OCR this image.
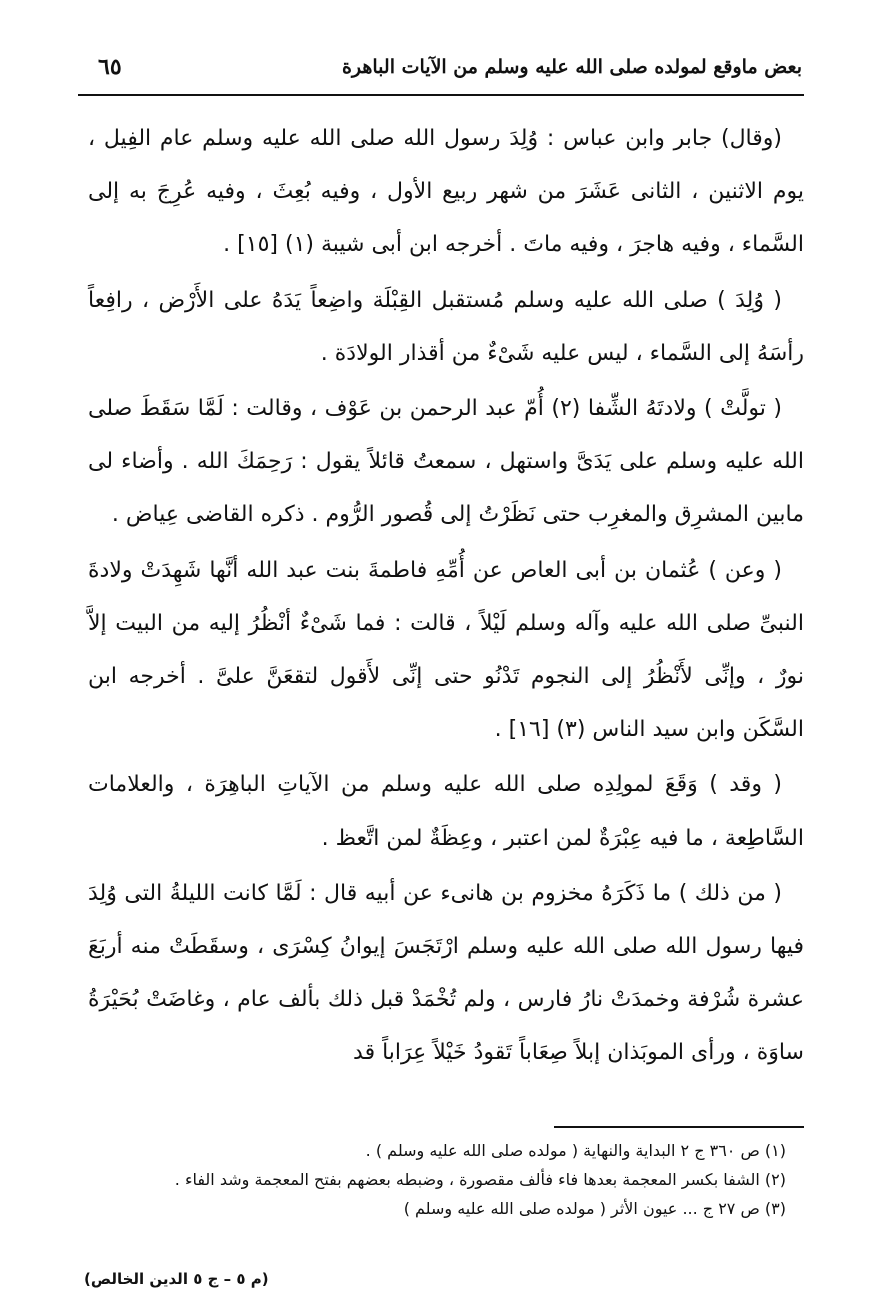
بعض ماوقع لمولده صلى الله عليه وسلم من الآيات الباهرة
٦٥

(وقال) جابر وابن عباس : وُلِدَ رسول الله صلى الله عليه وسلم عام الفِيل ، يوم الاثنين ، الثانى عَشَرَ من شهر ربيع الأول ، وفيه بُعِثَ ، وفيه عُرِجَ به إلى السَّماء ، وفيه هاجرَ ، وفيه ماتَ . أخرجه ابن أبى شيبة (١) [١٥] .

( وُلِدَ ) صلى الله عليه وسلم مُستقبل القِبْلَة واضِعاً يَدَهُ على الأَرْض ، رافِعاً رأسَهُ إلى السَّماء ، ليس عليه شَىْءٌ من أقذار الولادَة .

( تولَّتْ ) ولادتَهُ الشِّفا (٢) أُمّ عبد الرحمن بن عَوْف ، وقالت : لَمَّا سَقَطَ صلى الله عليه وسلم على يَدَىَّ واستهل ، سمعتُ قائلاً يقول : رَحِمَكَ الله . وأضاء لى مابين المشرِق والمغرِب حتى نَظَرْتُ إلى قُصور الرُّوم . ذكره القاضى عِياض .

( وعن ) عُثمان بن أبى العاص عن أُمِّهِ فاطمةَ بنت عبد الله أنَّها شَهِدَتْ ولادةَ النبىِّ صلى الله عليه وآله وسلم لَيْلاً ، قالت : فما شَىْءٌ أنْظُرُ إليه من البيت إلاَّ نورٌ ، وإنِّى لأَنْظُرُ إلى النجوم تَدْنُو حتى إنِّى لأَقول لتقعَنَّ علىَّ . أخرجه ابن السَّكَن وابن سيد الناس (٣) [١٦] .

( وقد ) وَقَعَ لمولِدِه صلى الله عليه وسلم من الآياتِ الباهِرَة ، والعلامات السَّاطِعة ، ما فيه عِبْرَةٌ لمن اعتبر ، وعِظَةٌ لمن اتَّعظ .

( من ذلك ) ما ذَكَرَهُ مخزوم بن هانىء عن أبيه قال : لَمَّا كانت الليلةُ التى وُلِدَ فيها رسول الله صلى الله عليه وسلم ارْتَجَسَ إيوانُ كِسْرَى ، وسقَطَتْ منه أربَعَ عشرة شُرْفة وخمدَتْ نارُ فارس ، ولم تُخْمَدْ قبل ذلك بألف عام ، وغاضَتْ بُحَيْرَةُ ساوَة ، ورأى الموبَذان إبلاً صِعَاباً تَقودُ خَيْلاً عِرَاباً قد

(١) ص ٣٦٠ ج ٢ البداية والنهاية ( مولده صلى الله عليه وسلم ) .

(٢) الشفا بكسر المعجمة بعدها فاء فألف مقصورة ، وضبطه بعضهم بفتح المعجمة وشد الفاء .

(٣) ص ٢٧ ج ... عيون الأثر ( مولده صلى الله عليه وسلم )

(م ٥ – ج ٥ الدين الخالص)
